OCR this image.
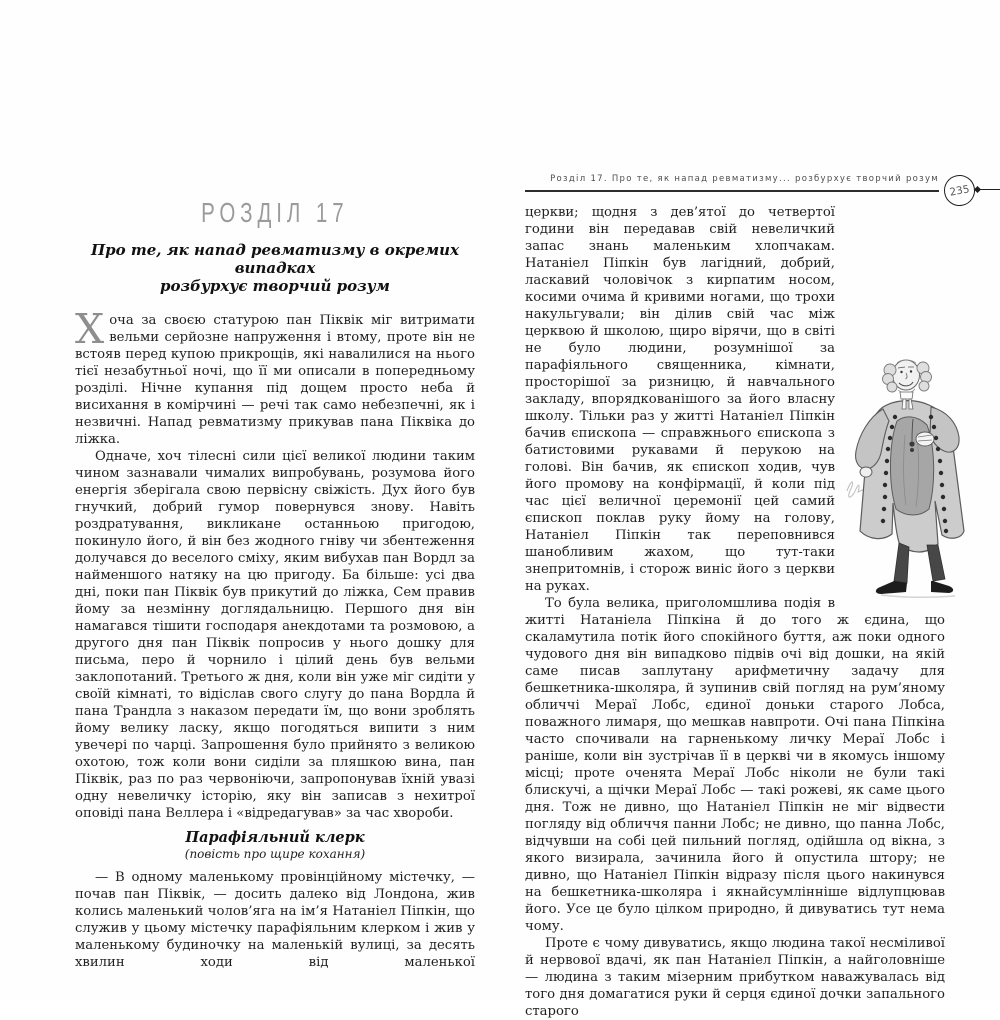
РОЗДІЛ 17
Про те, як напад ревматизму в окремих випадках
розбурхує творчий розум

Хоча за своєю статурою пан Піквік міг витримати вельми серйозне напруження і втому, проте він не встояв перед купою прикрощів, які навалилися на нього тієї незабутньої ночі, що її ми описали в попередньому розділі. Нічне купання під дощем просто неба й висихання в комірчині — речі так само небезпечні, як і незвичні. Напад ревматизму прикував пана Піквіка до ліжка.

Одначе, хоч тілесні сили цієї великої людини таким чином зазнавали чималих випробувань, розумова його енергія зберігала свою первісну свіжість. Дух його був гнучкий, добрий гумор повернувся знову. Навіть роздратування, викликане останньою пригодою, покинуло його, й він без жодного гніву чи збентеження долучався до веселого сміху, яким вибухав пан Вордл за найменшого натяку на цю пригоду. Ба більше: усі два дні, поки пан Піквік був прикутий до ліжка, Сем правив йому за незмінну доглядальницю. Першого дня він намагався тішити господаря анекдотами та розмовою, а другого дня пан Піквік попросив у нього дошку для письма, перо й чорнило і цілий день був вельми заклопотаний. Третього ж дня, коли він уже міг сидіти у своїй кімнаті, то відіслав свого слугу до пана Вордла й пана Трандла з наказом передати їм, що вони зроблять йому велику ласку, якщо погодяться випити з ним увечері по чарці. Запрошення було прийнято з великою охотою, тож коли вони сиділи за пляшкою вина, пан Піквік, раз по раз червоніючи, запропонував їхній увазі одну невеличку історію, яку він записав з нехитрої оповіді пана Веллера і «відредагував» за час хвороби.

Парафіяльний клерк
(повість про щире кохання)

— В одному маленькому провінційному містечку, — почав пан Піквік, — досить далеко від Лондона, жив колись маленький чолов’яга на ім’я Натаніел Піпкін, що служив у цьому містечку парафіяльним клерком і жив у маленькому будиночку на маленькій вулиці, за десять хвилин ходи від маленької

Розділ 17. Про те, як напад ревматизму... розбурхує творчий розум
235

церкви; щодня з дев’ятої до четвертої години він передавав свій невеличкий запас знань маленьким хлопчакам. Натаніел Піпкін був лагідний, добрий, ласкавий чоловічок з кирпатим носом, косими очима й кривими ногами, що трохи накульгували; він ділив свій час між церквою й школою, щиро вірячи, що в світі не було людини, розумнішої за парафіяльного священника, кімнати, просторішої за ризницю, й навчального закладу, впорядкованішого за його власну школу. Тільки раз у житті Натаніел Піпкін бачив єпископа — справжнього єпископа з батистовими рукавами й перукою на голові. Він бачив, як єпископ ходив, чув його промову на конфірмації, й коли під час цієї величної церемонії цей самий єпископ поклав руку йому на голову, Натаніел Піпкін так переповнився шанобливим жахом, що тут-таки знепритомнів, і сторож виніс його з церкви на руках.

То була велика, приголомшлива подія в житті Натаніела Піпкіна й до того ж єдина, що скаламутила потік його спокійного буття, аж поки одного чудового дня він випадково підвів очі від дошки, на якій саме писав заплутану арифметичну задачу для бешкетника-школяра, й зупинив свій погляд на рум’яному обличчі Мераї Лобс, єдиної доньки старого Лобса, поважного лимаря, що мешкав навпроти. Очі пана Піпкіна часто спочивали на гарненькому личку Мераї Лобс і раніше, коли він зустрічав її в церкві чи в якомусь іншому місці; проте оченята Мераї Лобс ніколи не були такі блискучі, а щічки Мераї Лобс — такі рожеві, як саме цього дня. Тож не дивно, що Натаніел Піпкін не міг відвести погляду від обличчя панни Лобс; не дивно, що панна Лобс, відчувши на собі цей пильний погляд, одійшла од вікна, з якого визирала, зачинила його й опустила штору; не дивно, що Натаніел Піпкін відразу після цього накинувся на бешкетника-школяра і якнайсумлінніше відлупцював його. Усе це було цілком природно, й дивуватись тут нема чому.

Проте є чому дивуватись, якщо людина такої несміливої й нервової вдачі, як пан Натаніел Піпкін, а найголовніше — людина з таким мізерним прибутком наважувалась від того дня домагатися руки й серця єдиної дочки запального старого
